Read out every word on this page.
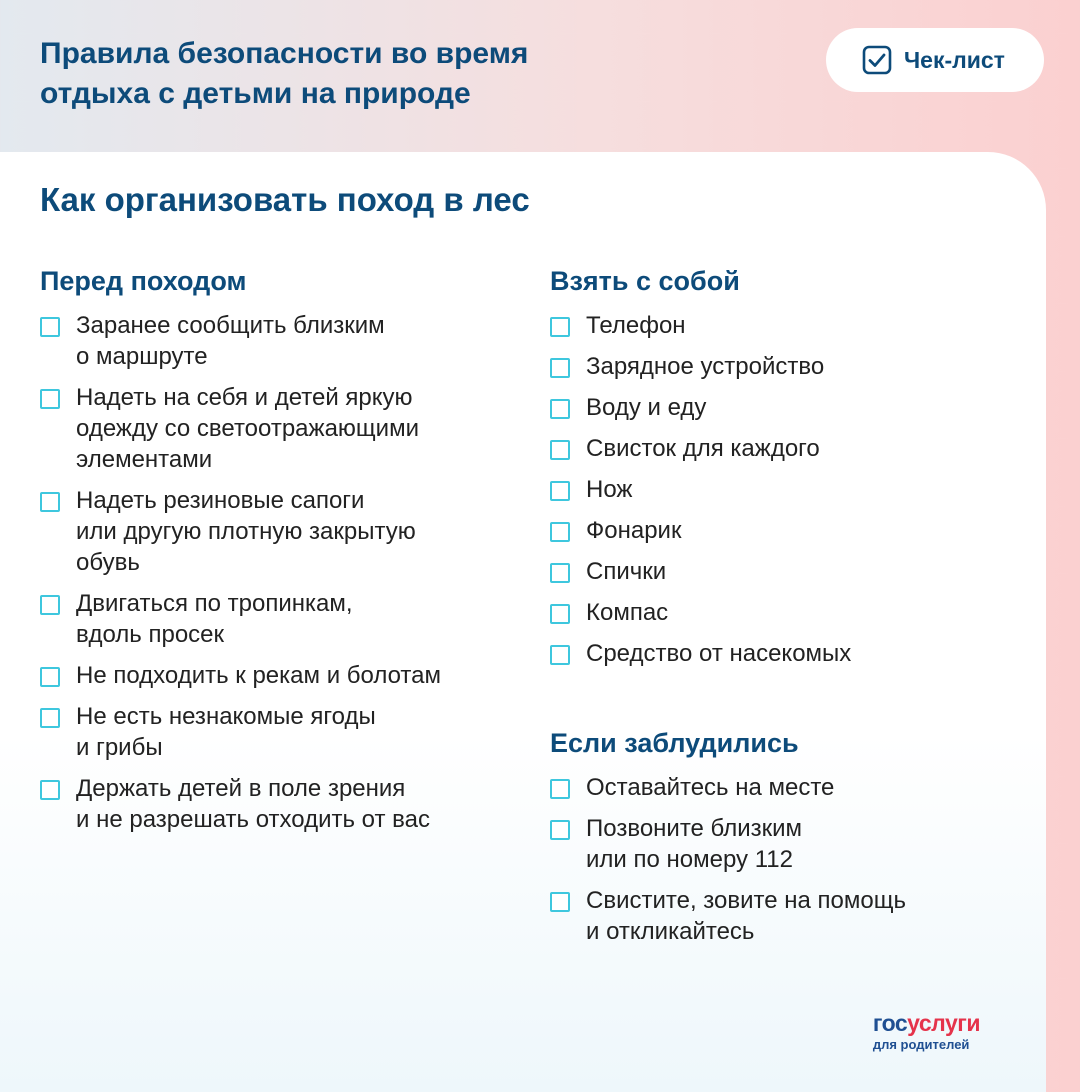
Правила безопасности во время
отдыха с детьми на природе
Чек-лист
Как организовать поход в лес
Перед походом
Заранее сообщить близким
о маршруте
Надеть на себя и детей яркую
одежду со светоотражающими
элементами
Надеть резиновые сапоги
или другую плотную закрытую
обувь
Двигаться по тропинкам,
вдоль просек
Не подходить к рекам и болотам
Не есть незнакомые ягоды
и грибы
Держать детей в поле зрения
и не разрешать отходить от вас
Взять с собой
Телефон
Зарядное устройство
Воду и еду
Свисток для каждого
Нож
Фонарик
Спички
Компас
Средство от насекомых
Если заблудились
Оставайтесь на месте
Позвоните близким
или по номеру 112
Свистите, зовите на помощь
и откликайтесь
госуслуги
для родителей
